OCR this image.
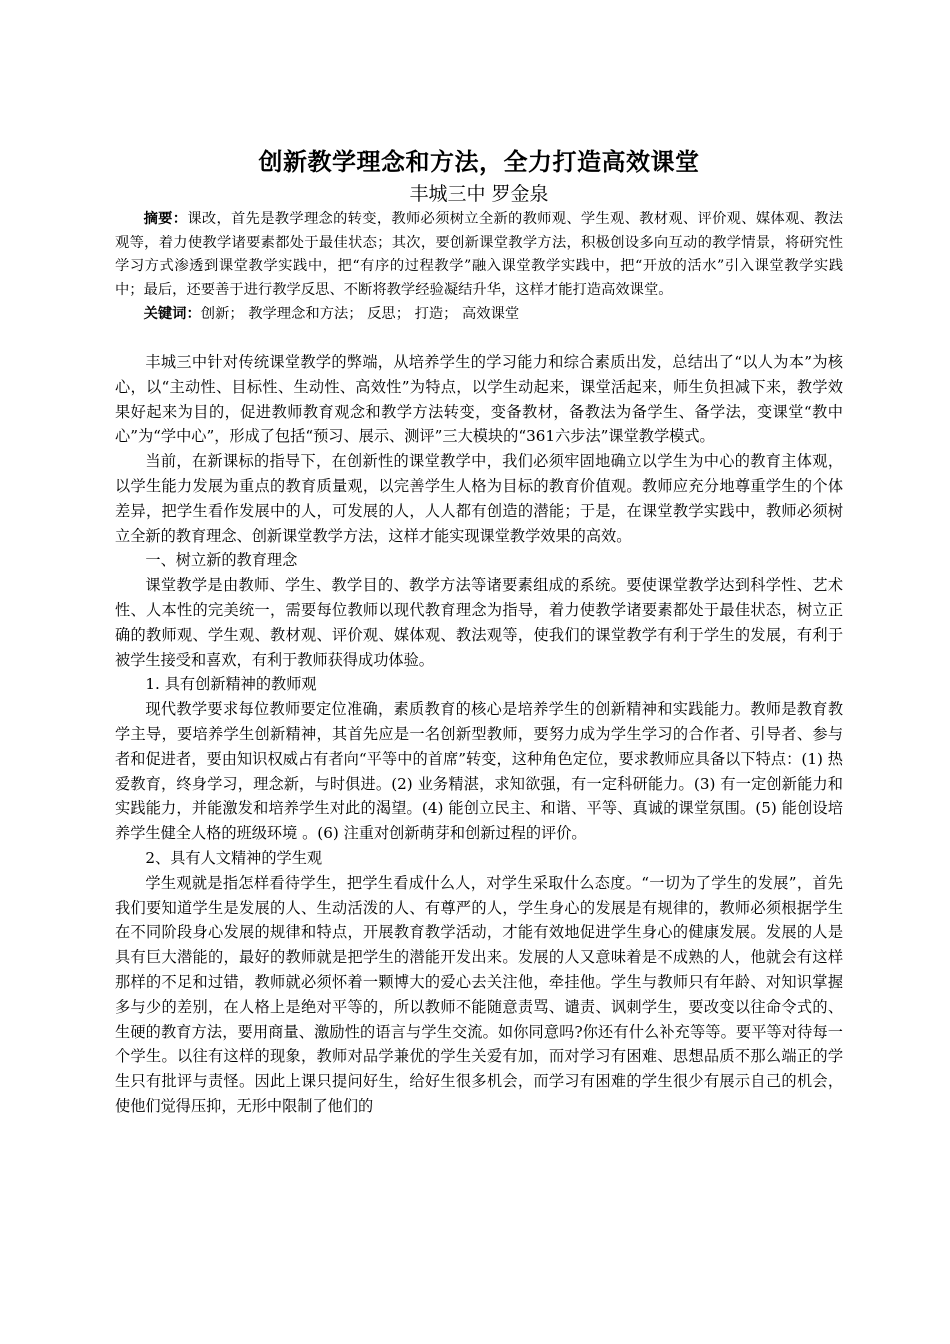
创新教学理念和方法，全力打造高效课堂

丰城三中 罗金泉

摘要：课改，首先是教学理念的转变，教师必须树立全新的教师观、学生观、教材观、评价观、媒体观、教法观等，着力使教学诸要素都处于最佳状态；其次，要创新课堂教学方法，积极创设多向互动的教学情景，将研究性学习方式渗透到课堂教学实践中，把“有序的过程教学”融入课堂教学实践中，把“开放的活水”引入课堂教学实践中；最后，还要善于进行教学反思、不断将教学经验凝结升华，这样才能打造高效课堂。

关键词：创新； 教学理念和方法； 反思； 打造； 高效课堂

丰城三中针对传统课堂教学的弊端，从培养学生的学习能力和综合素质出发，总结出了“以人为本”为核心，以“主动性、目标性、生动性、高效性”为特点，以学生动起来，课堂活起来，师生负担减下来，教学效果好起来为目的，促进教师教育观念和教学方法转变，变备教材，备教法为备学生、备学法，变课堂“教中心”为“学中心”，形成了包括“预习、展示、测评”三大模块的“361六步法”课堂教学模式。

当前，在新课标的指导下，在创新性的课堂教学中，我们必须牢固地确立以学生为中心的教育主体观，以学生能力发展为重点的教育质量观，以完善学生人格为目标的教育价值观。教师应充分地尊重学生的个体差异，把学生看作发展中的人，可发展的人，人人都有创造的潜能；于是，在课堂教学实践中，教师必须树立全新的教育理念、创新课堂教学方法，这样才能实现课堂教学效果的高效。

一、树立新的教育理念

课堂教学是由教师、学生、教学目的、教学方法等诸要素组成的系统。要使课堂教学达到科学性、艺术性、人本性的完美统一，需要每位教师以现代教育理念为指导，着力使教学诸要素都处于最佳状态，树立正确的教师观、学生观、教材观、评价观、媒体观、教法观等，使我们的课堂教学有利于学生的发展，有利于被学生接受和喜欢，有利于教师获得成功体验。

1. 具有创新精神的教师观

现代教学要求每位教师要定位准确，素质教育的核心是培养学生的创新精神和实践能力。教师是教育教学主导，要培养学生创新精神，其首先应是一名创新型教师，要努力成为学生学习的合作者、引导者、参与者和促进者，要由知识权威占有者向“平等中的首席”转变，这种角色定位，要求教师应具备以下特点：(1) 热爱教育，终身学习，理念新，与时俱进。(2) 业务精湛，求知欲强，有一定科研能力。(3) 有一定创新能力和实践能力，并能激发和培养学生对此的渴望。(4) 能创立民主、和谐、平等、真诚的课堂氛围。(5) 能创设培养学生健全人格的班级环境 。(6) 注重对创新萌芽和创新过程的评价。

2、具有人文精神的学生观

学生观就是指怎样看待学生，把学生看成什么人，对学生采取什么态度。“一切为了学生的发展”，首先我们要知道学生是发展的人、生动活泼的人、有尊严的人，学生身心的发展是有规律的，教师必须根据学生在不同阶段身心发展的规律和特点，开展教育教学活动，才能有效地促进学生身心的健康发展。发展的人是具有巨大潜能的，最好的教师就是把学生的潜能开发出来。发展的人又意味着是不成熟的人，他就会有这样那样的不足和过错，教师就必须怀着一颗博大的爱心去关注他，牵挂他。学生与教师只有年龄、对知识掌握多与少的差别，在人格上是绝对平等的，所以教师不能随意责骂、谴责、讽刺学生，要改变以往命令式的、生硬的教育方法，要用商量、激励性的语言与学生交流。如你同意吗?你还有什么补充等等。要平等对待每一个学生。以往有这样的现象，教师对品学兼优的学生关爱有加，而对学习有困难、思想品质不那么端正的学生只有批评与责怪。因此上课只提问好生，给好生很多机会，而学习有困难的学生很少有展示自己的机会，使他们觉得压抑，无形中限制了他们的
